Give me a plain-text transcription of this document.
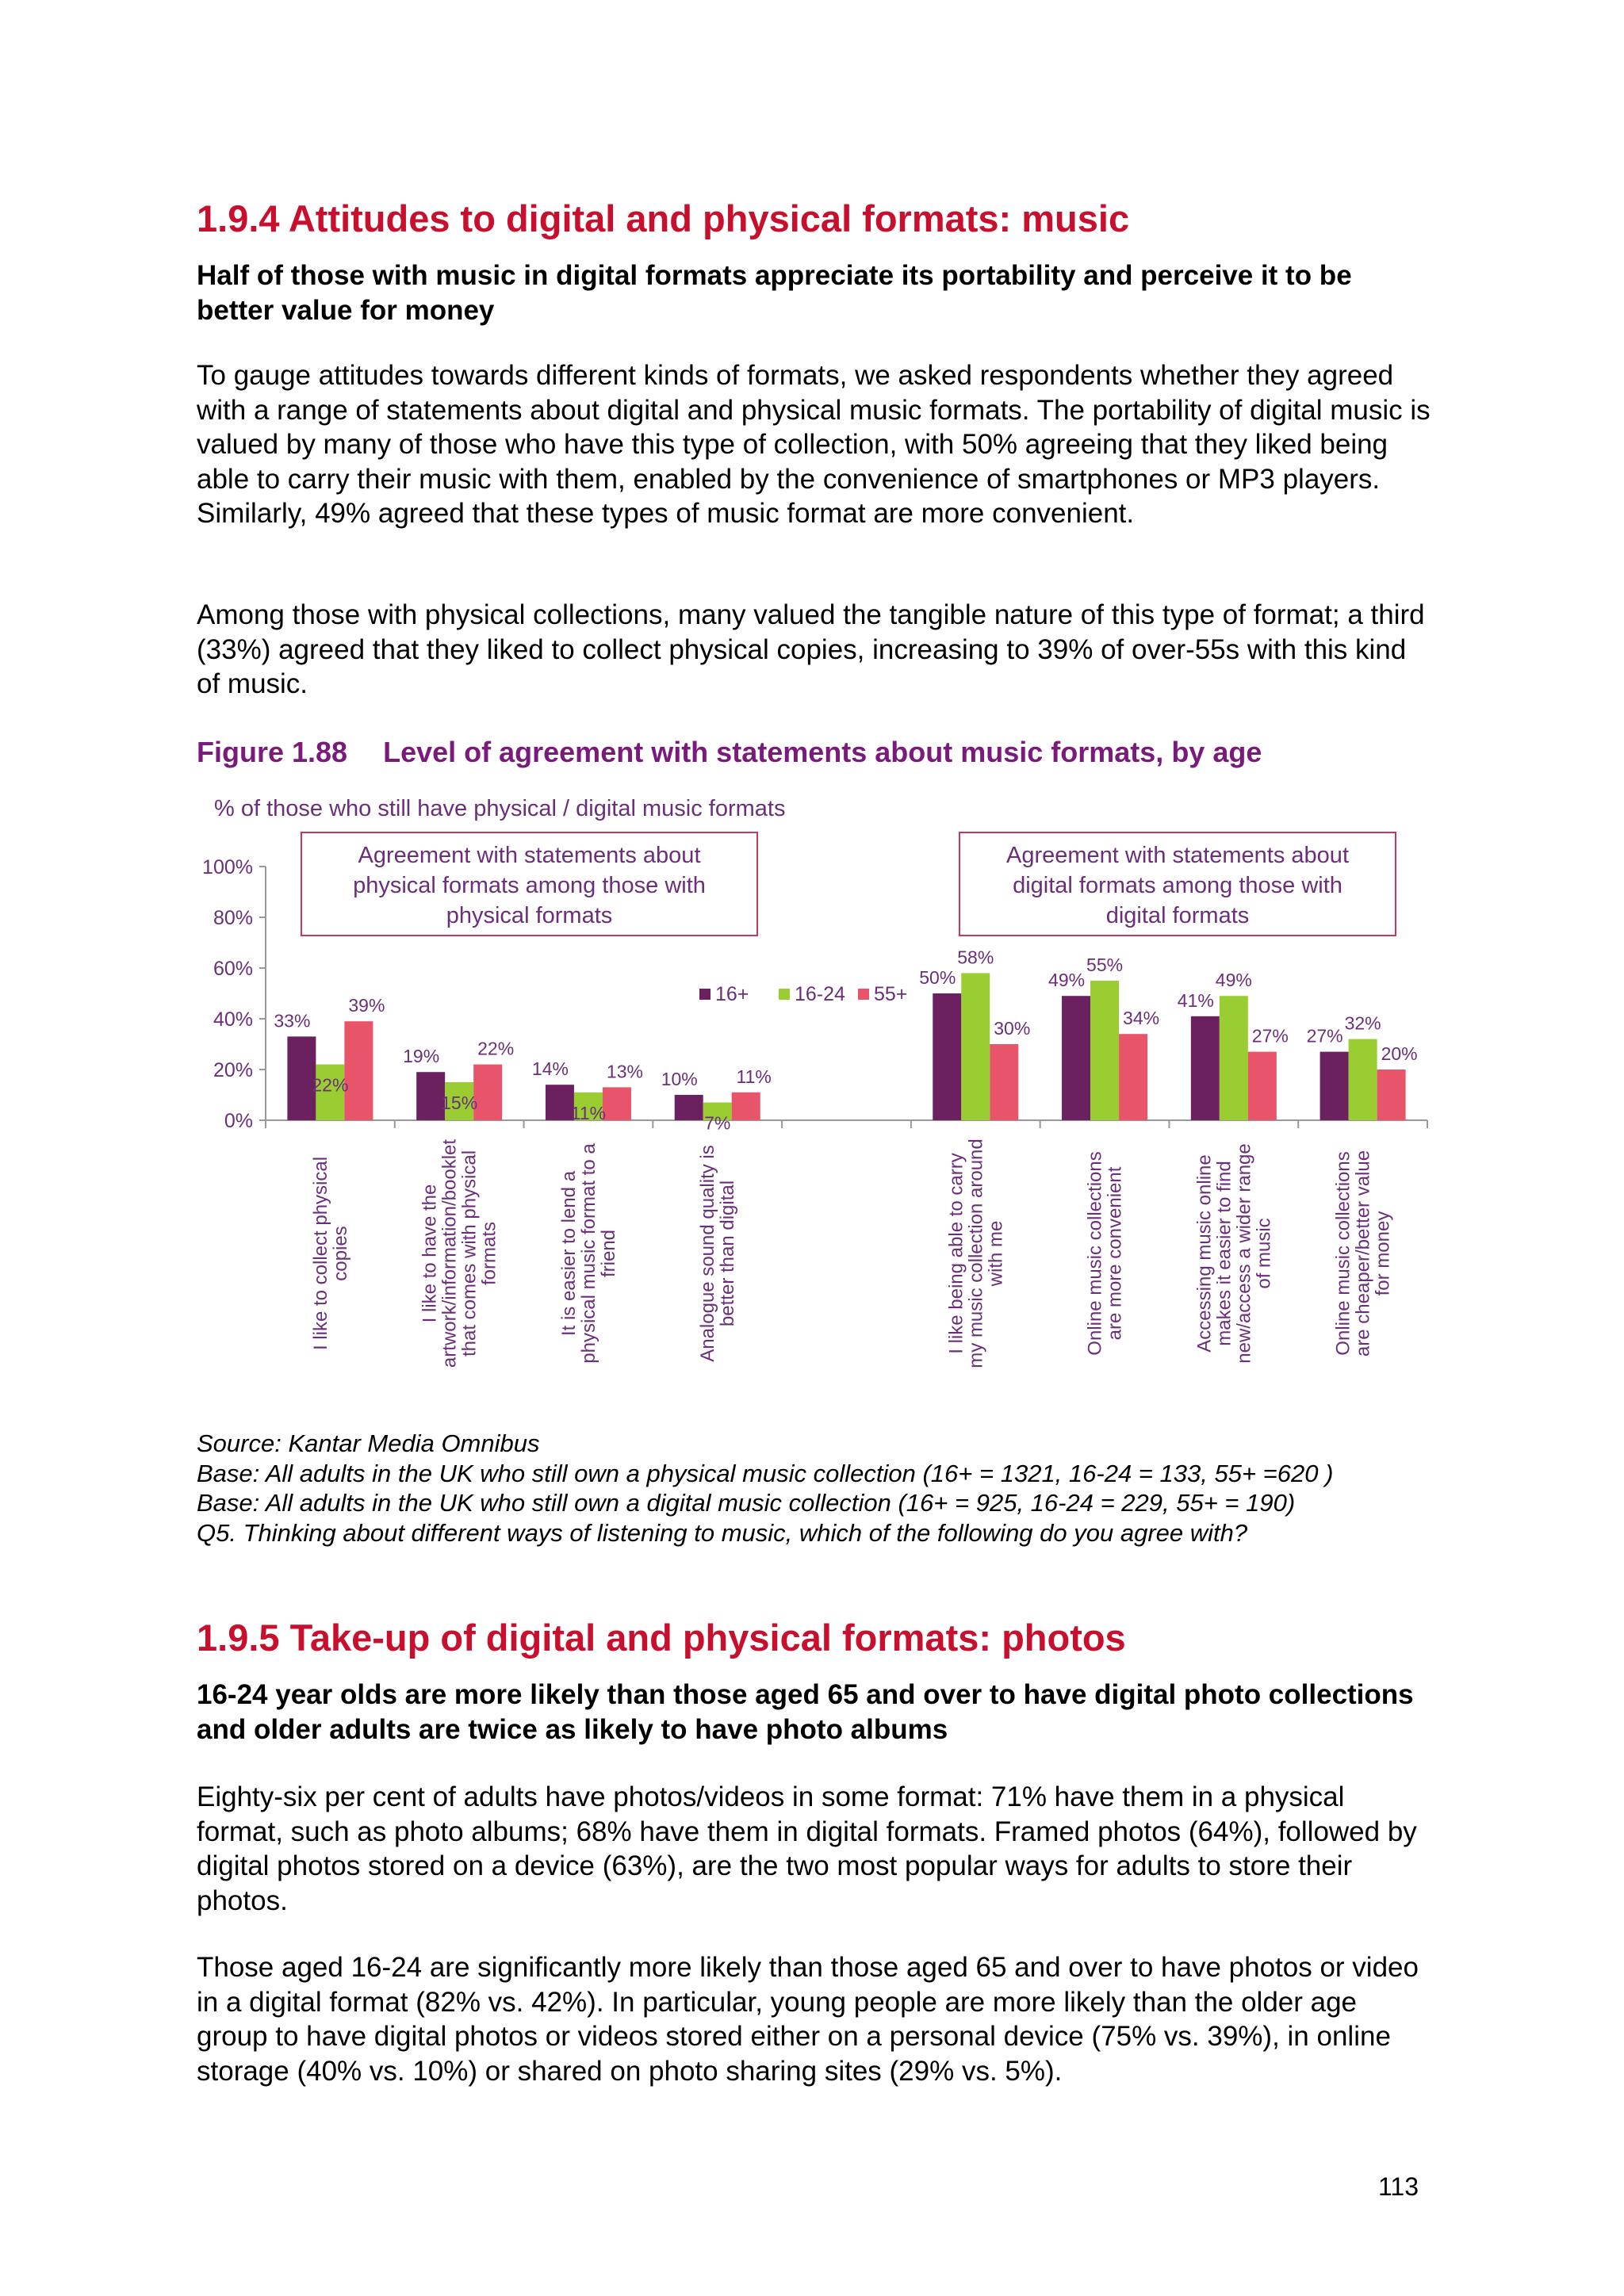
1.9.4 Attitudes to digital and physical formats: music
Half of those with music in digital formats appreciate its portability and perceive it to be better value for money
To gauge attitudes towards different kinds of formats, we asked respondents whether they agreed with a range of statements about digital and physical music formats. The portability of digital music is valued by many of those who have this type of collection, with 50% agreeing that they liked being able to carry their music with them, enabled by the convenience of smartphones or MP3 players. Similarly, 49% agreed that these types of music format are more convenient.
Among those with physical collections, many valued the tangible nature of this type of format; a third (33%) agreed that they liked to collect physical copies, increasing to 39% of over-55s with this kind of music.
Figure 1.88 Level of agreement with statements about music formats, by age
% of those who still have physical / digital music formats
0%
20%
40%
60%
80%
100%
33%
19%
14%	10%
50%	49%
41%
27%
22%
15%	11%	7%
58%	55%
49%
32%
39%
22%
13%	11%
30%	34%
27%
20%
16+ 16-24 55+
Agreement with statements about
physical formats among those with
physical formats
Agreement with statements about
digital formats among those with
digital formats
I like to collect physical
copies	I like to have the
artwork/information/booklet
that comes with physical
formats	It is easier to lend a
physical music format to a
friend	Analogue sound quality is
better than digital	I like being able to carry
my music collection around
with me	Online music collections
are more convenient	Accessing music online
makes it easier to find
new/access a wider range
of music	Online music collections
are cheaper/better value
for money
Source: Kantar Media Omnibus
Base: All adults in the UK who still own a physical music collection (16+ = 1321, 16-24 = 133, 55+ =620 )
Base: All adults in the UK who still own a digital music collection (16+ = 925, 16-24 = 229, 55+ = 190)
Q5. Thinking about different ways of listening to music, which of the following do you agree with?
1.9.5 Take-up of digital and physical formats: photos
16-24 year olds are more likely than those aged 65 and over to have digital photo collections and older adults are twice as likely to have photo albums
Eighty-six per cent of adults have photos/videos in some format: 71% have them in a physical format, such as photo albums; 68% have them in digital formats. Framed photos (64%), followed by digital photos stored on a device (63%), are the two most popular ways for adults to store their photos.
Those aged 16-24 are significantly more likely than those aged 65 and over to have photos or video in a digital format (82% vs. 42%). In particular, young people are more likely than the older age group to have digital photos or videos stored either on a personal device (75% vs. 39%), in online storage (40% vs. 10%) or shared on photo sharing sites (29% vs. 5%).
113
